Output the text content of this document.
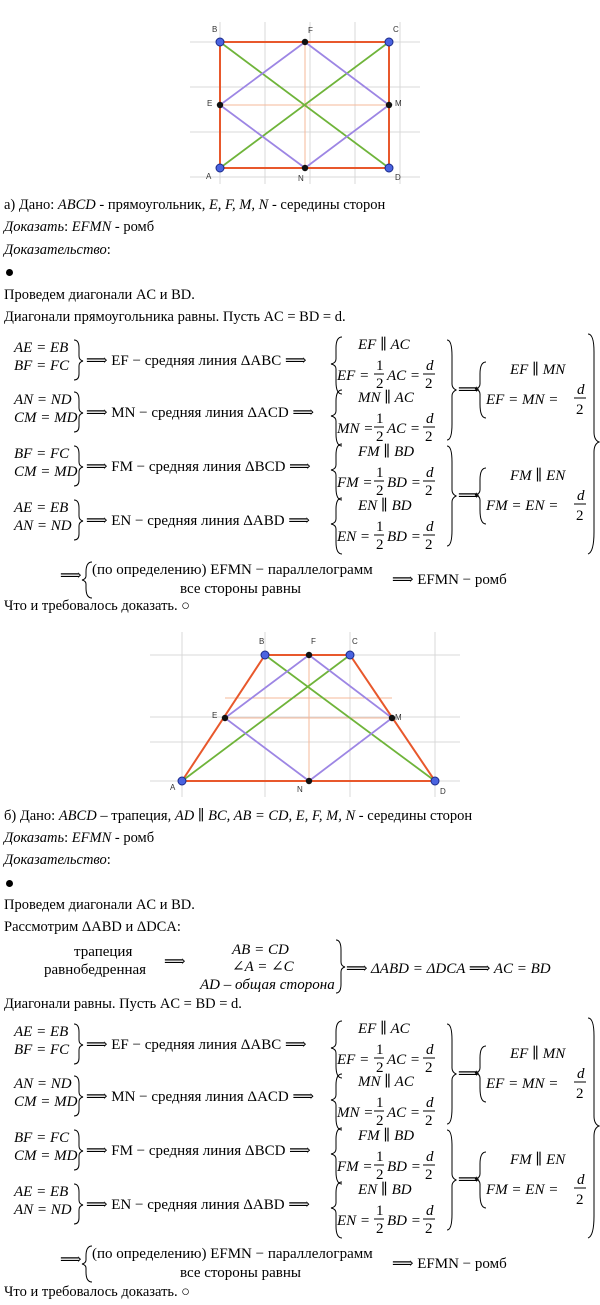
B	C
F
E	M
A	D
N
а) Дано: ABCD - прямоугольник, E, F, M, N - середины сторон
Доказать: EFMN - ромб
Доказательство:
Проведем диагонали AC и BD.
Диагонали прямоугольника равны. Пусть AC = BD = d.
AE = EB
BF = FC ⟹ EF − средняя линия ΔABC ⟹
EF ∥ AC
EF =
1
2 AC =
d
2
AN = ND
CM = MD ⟹ MN − средняя линия ΔACD ⟹
MN ∥ AC
MN =
1
2 AC =
d
2
⟹
EF ∥ MN
EF = MN =
d
2
BF = FC
CM = MD ⟹ FM − средняя линия ΔBCD ⟹
FM ∥ BD
FM =
1
2 BD =
d
2
AE = EB
AN = ND ⟹ EN − средняя линия ΔABD ⟹
EN ∥ BD
EN =
1
2 BD =
d
2
⟹
FM ∥ EN
FM = EN =
d
2
⟹ (по определению) EFMN − параллелограмм
все стороны равны
⟹ EFMN − ромб
Что и требовалось доказать. ○
B	C
F
E	M
A	D
N
б) Дано: ABCD – трапеция, AD ∥ BC, AB = CD, E, F, M, N - середины сторон
Доказать: EFMN - ромб
Доказательство:
Проведем диагонали AC и BD.
Рассмотрим ΔABD и ΔDCA:
трапеция
равнобедренная ⟹
AB = CD
∠A = ∠C
AD – общая сторона
⟹ ΔABD = ΔDCA ⟹ AC = BD
Диагонали равны. Пусть AC = BD = d.
AE = EB
BF = FC ⟹ EF − средняя линия ΔABC ⟹
EF ∥ AC
EF =
1
2 AC =
d
2
AN = ND
CM = MD ⟹ MN − средняя линия ΔACD ⟹
MN ∥ AC
MN =
1
2 AC =
d
2
⟹
EF ∥ MN
EF = MN =
d
2
BF = FC
CM = MD ⟹ FM − средняя линия ΔBCD ⟹
FM ∥ BD
FM =
1
2 BD =
d
2
AE = EB
AN = ND ⟹ EN − средняя линия ΔABD ⟹
EN ∥ BD
EN =
1
2 BD =
d
2
⟹
FM ∥ EN
FM = EN =
d
2
⟹ (по определению) EFMN − параллелограмм
все стороны равны
⟹ EFMN − ромб
Что и требовалось доказать. ○
